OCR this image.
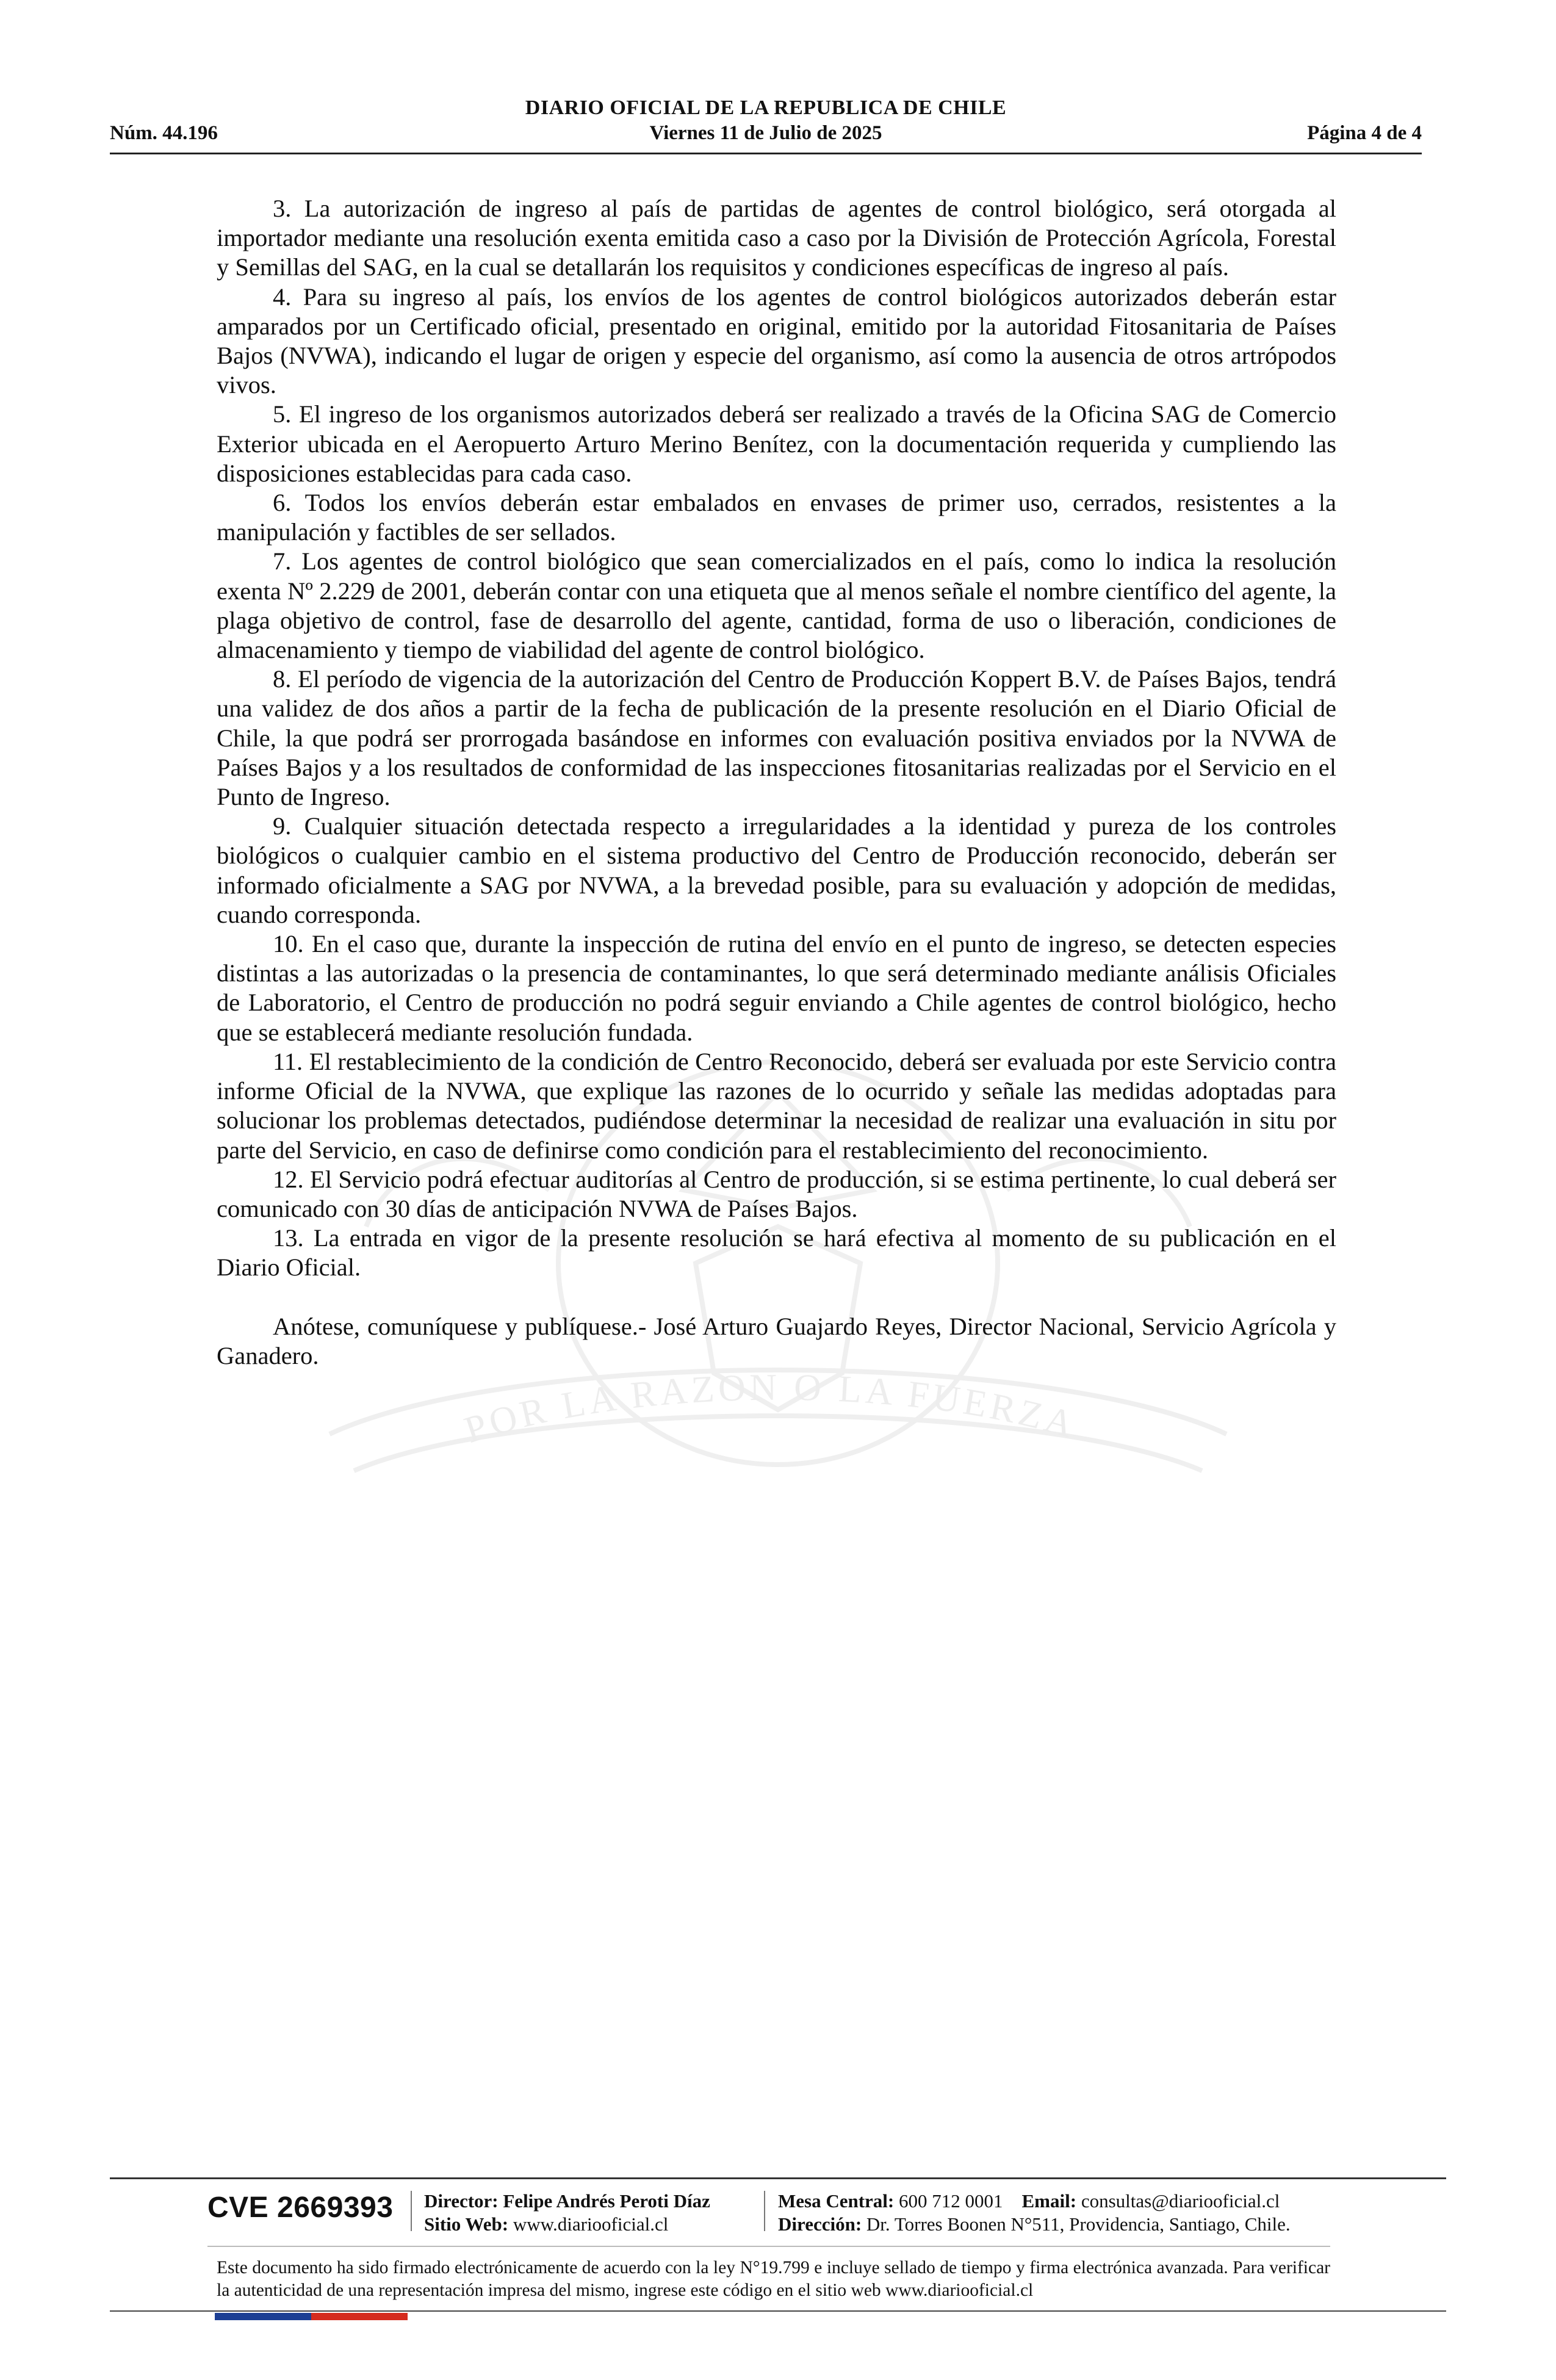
DIARIO OFICIAL DE LA REPUBLICA DE CHILE
Núm. 44.196	Viernes 11 de Julio de 2025	Página 4 de 4
POR LA RAZON O LA FUERZA

3. La autorización de ingreso al país de partidas de agentes de control biológico, será otorgada al importador mediante una resolución exenta emitida caso a caso por la División de Protección Agrícola, Forestal y Semillas del SAG, en la cual se detallarán los requisitos y condiciones específicas de ingreso al país.

4. Para su ingreso al país, los envíos de los agentes de control biológicos autorizados deberán estar amparados por un Certificado oficial, presentado en original, emitido por la autoridad Fitosanitaria de Países Bajos (NVWA), indicando el lugar de origen y especie del organismo, así como la ausencia de otros artrópodos vivos.

5. El ingreso de los organismos autorizados deberá ser realizado a través de la Oficina SAG de Comercio Exterior ubicada en el Aeropuerto Arturo Merino Benítez, con la documentación requerida y cumpliendo las disposiciones establecidas para cada caso.

6. Todos los envíos deberán estar embalados en envases de primer uso, cerrados, resistentes a la manipulación y factibles de ser sellados.

7. Los agentes de control biológico que sean comercializados en el país, como lo indica la resolución exenta Nº 2.229 de 2001, deberán contar con una etiqueta que al menos señale el nombre científico del agente, la plaga objetivo de control, fase de desarrollo del agente, cantidad, forma de uso o liberación, condiciones de almacenamiento y tiempo de viabilidad del agente de control biológico.

8. El período de vigencia de la autorización del Centro de Producción Koppert B.V. de Países Bajos, tendrá una validez de dos años a partir de la fecha de publicación de la presente resolución en el Diario Oficial de Chile, la que podrá ser prorrogada basándose en informes con evaluación positiva enviados por la NVWA de Países Bajos y a los resultados de conformidad de las inspecciones fitosanitarias realizadas por el Servicio en el Punto de Ingreso.

9. Cualquier situación detectada respecto a irregularidades a la identidad y pureza de los controles biológicos o cualquier cambio en el sistema productivo del Centro de Producción reconocido, deberán ser informado oficialmente a SAG por NVWA, a la brevedad posible, para su evaluación y adopción de medidas, cuando corresponda.

10. En el caso que, durante la inspección de rutina del envío en el punto de ingreso, se detecten especies distintas a las autorizadas o la presencia de contaminantes, lo que será determinado mediante análisis Oficiales de Laboratorio, el Centro de producción no podrá seguir enviando a Chile agentes de control biológico, hecho que se establecerá mediante resolución fundada.

11. El restablecimiento de la condición de Centro Reconocido, deberá ser evaluada por este Servicio contra informe Oficial de la NVWA, que explique las razones de lo ocurrido y señale las medidas adoptadas para solucionar los problemas detectados, pudiéndose determinar la necesidad de realizar una evaluación in situ por parte del Servicio, en caso de definirse como condición para el restablecimiento del reconocimiento.

12. El Servicio podrá efectuar auditorías al Centro de producción, si se estima pertinente, lo cual deberá ser comunicado con 30 días de anticipación NVWA de Países Bajos.

13. La entrada en vigor de la presente resolución se hará efectiva al momento de su publicación en el Diario Oficial.

Anótese, comuníquese y publíquese.- José Arturo Guajardo Reyes, Director Nacional, Servicio Agrícola y Ganadero.

CVE 2669393 Director: Felipe Andrés Peroti Díaz
Sitio Web: www.diariooficial.cl
Mesa Central: 600 712 0001 Email: consultas@diariooficial.cl
Dirección: Dr. Torres Boonen N°511, Providencia, Santiago, Chile.
Este documento ha sido firmado electrónicamente de acuerdo con la ley N°19.799 e incluye sellado de tiempo y firma electrónica avanzada. Para verificar la autenticidad de una representación impresa del mismo, ingrese este código en el sitio web www.diariooficial.cl
